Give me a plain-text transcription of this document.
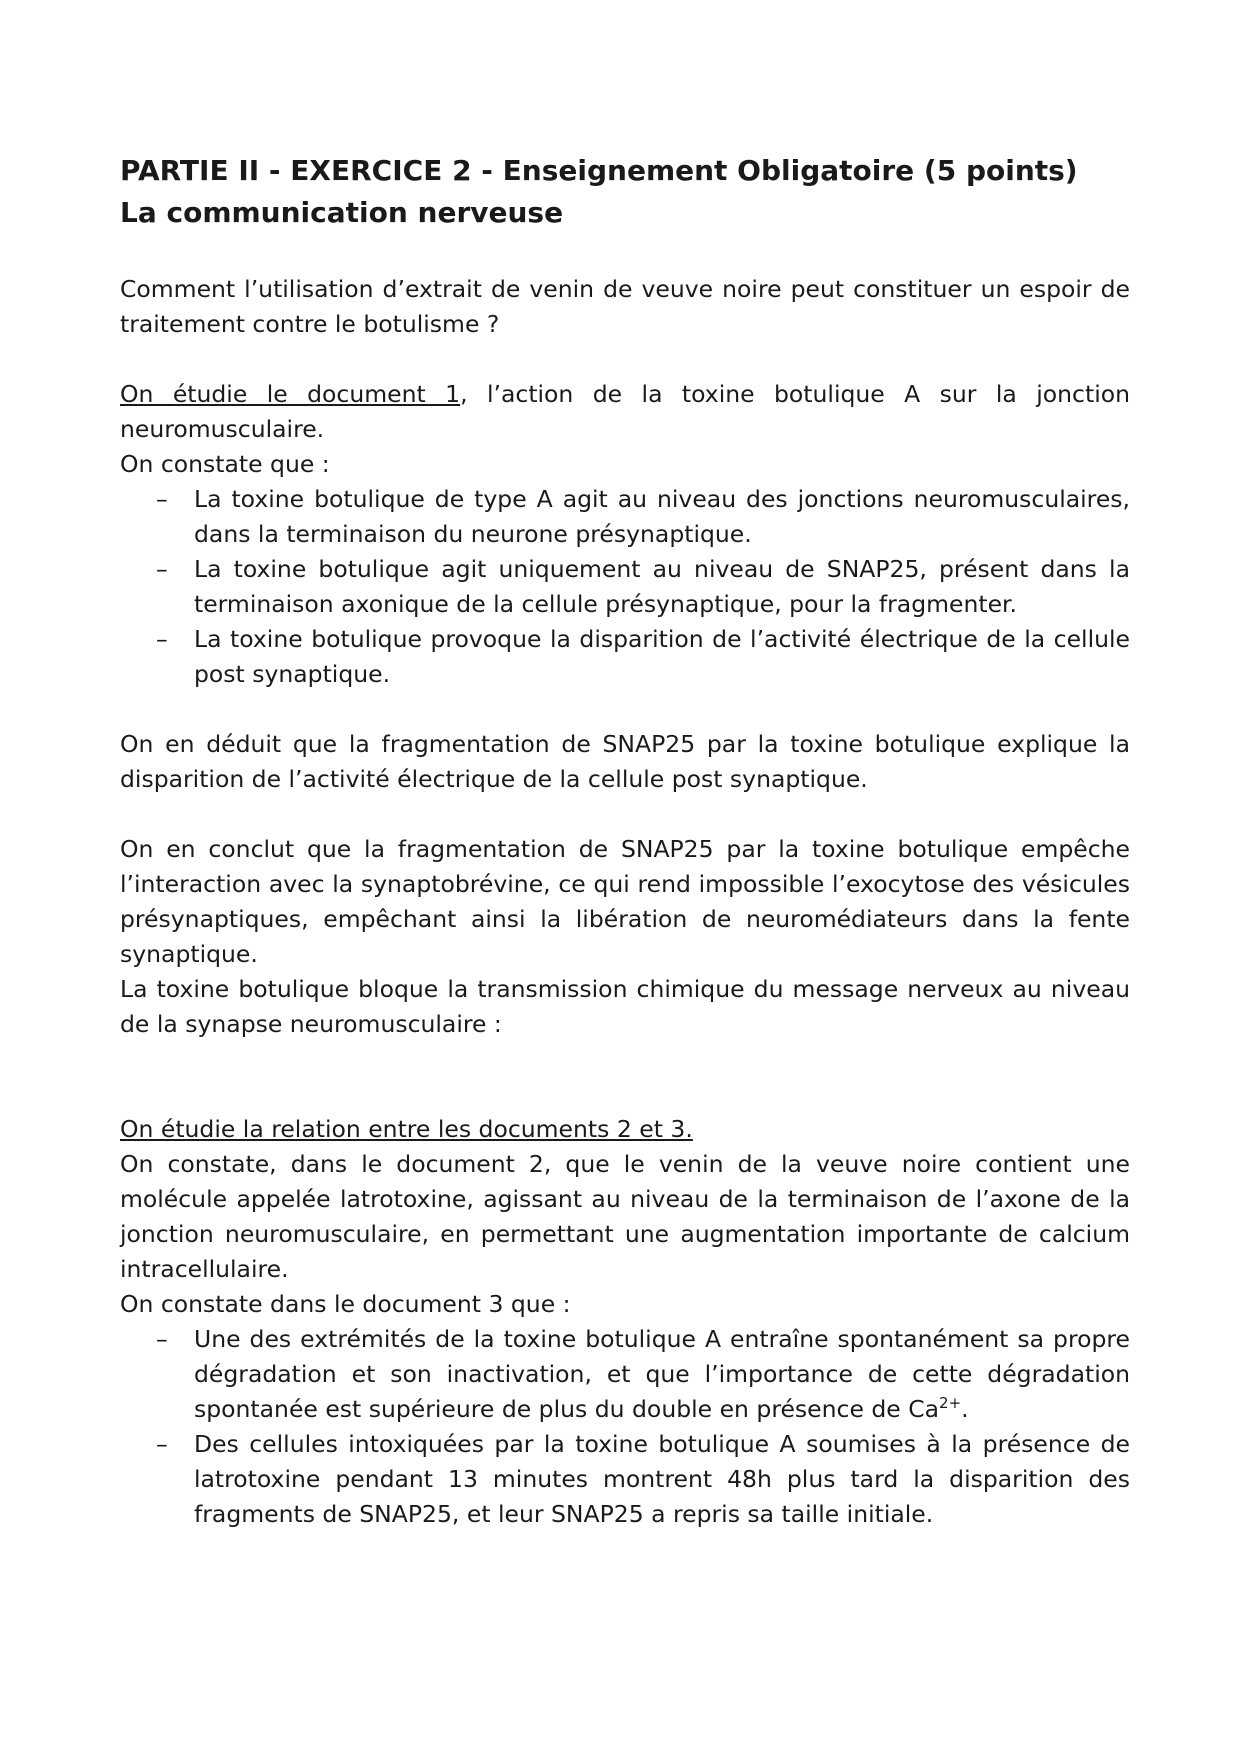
PARTIE II - EXERCICE 2 - Enseignement Obligatoire (5 points)
La communication nerveuse

Comment l’utilisation d’extrait de venin de veuve noire peut constituer un espoir de traitement contre le botulisme ?

On étudie le document 1, l’action de la toxine botulique A sur la jonction neuromusculaire.

On constate que :

– La toxine botulique de type A agit au niveau des jonctions neuromusculaires, dans la terminaison du neurone présynaptique.
– La toxine botulique agit uniquement au niveau de SNAP25, présent dans la terminaison axonique de la cellule présynaptique, pour la fragmenter.
– La toxine botulique provoque la disparition de l’activité électrique de la cellule post synaptique.

On en déduit que la fragmentation de SNAP25 par la toxine botulique explique la disparition de l’activité électrique de la cellule post synaptique.

On en conclut que la fragmentation de SNAP25 par la toxine botulique empêche l’interaction avec la synaptobrévine, ce qui rend impossible l’exocytose des vésicules présynaptiques, empêchant ainsi la libération de neuromédiateurs dans la fente synaptique.

La toxine botulique bloque la transmission chimique du message nerveux au niveau de la synapse neuromusculaire :

On étudie la relation entre les documents 2 et 3.

On constate, dans le document 2, que le venin de la veuve noire contient une molécule appelée latrotoxine, agissant au niveau de la terminaison de l’axone de la jonction neuromusculaire, en permettant une augmentation importante de calcium intracellulaire.

On constate dans le document 3 que :

– Une des extrémités de la toxine botulique A entraîne spontanément sa propre dégradation et son inactivation, et que l’importance de cette dégradation spontanée est supérieure de plus du double en présence de $Ca^{2+}$.
– Des cellules intoxiquées par la toxine botulique A soumises à la présence de latrotoxine pendant 13 minutes montrent 48h plus tard la disparition des fragments de SNAP25, et leur SNAP25 a repris sa taille initiale.
